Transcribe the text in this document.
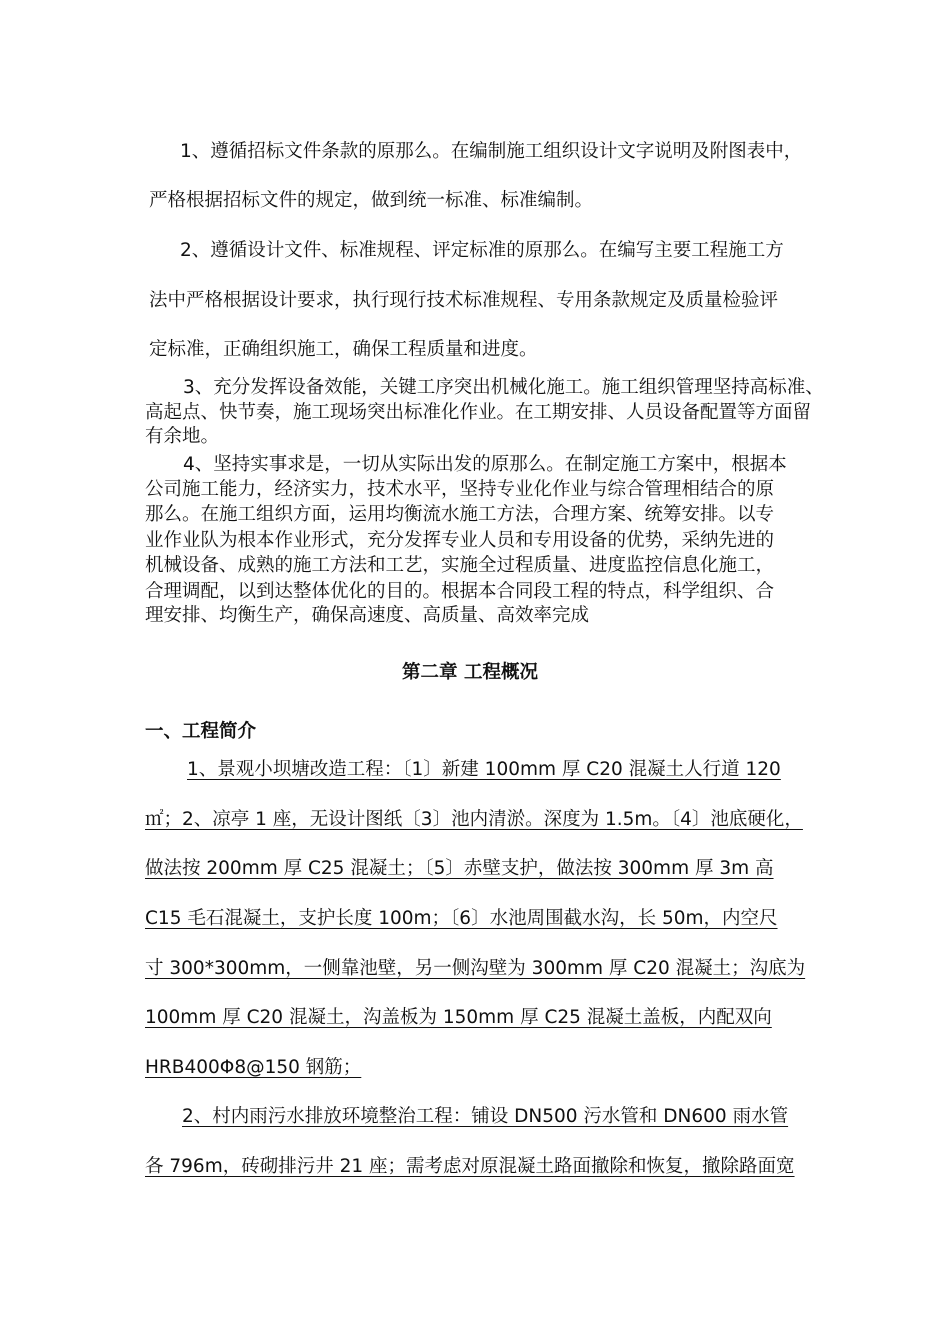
1、遵循招标文件条款的原那么。在编制施工组织设计文字说明及附图表中，

严格根据招标文件的规定，做到统一标准、标准编制。

2、遵循设计文件、标准规程、评定标准的原那么。在编写主要工程施工方

法中严格根据设计要求，执行现行技术标准规程、专用条款规定及质量检验评

定标准，正确组织施工，确保工程质量和进度。

3、充分发挥设备效能，关键工序突出机械化施工。施工组织管理坚持高标准、

高起点、快节奏，施工现场突出标准化作业。在工期安排、人员设备配置等方面留

有余地。

4、坚持实事求是，一切从实际出发的原那么。在制定施工方案中，根据本

公司施工能力，经济实力，技术水平，坚持专业化作业与综合管理相结合的原

那么。在施工组织方面，运用均衡流水施工方法，合理方案、统筹安排。以专

业作业队为根本作业形式，充分发挥专业人员和专用设备的优势，采纳先进的

机械设备、成熟的施工方法和工艺，实施全过程质量、进度监控信息化施工，

合理调配，以到达整体优化的目的。根据本合同段工程的特点，科学组织、合

理安排、均衡生产，确保高速度、高质量、高效率完成

第二章 工程概况
一、工程简介

1、景观小坝塘改造工程：〔1〕新建 100mm 厚 C20 混凝土人行道 120

㎡；2、凉亭 1 座，无设计图纸〔3〕池内清淤。深度为 1.5m。〔4〕池底硬化，

做法按 200mm 厚 C25 混凝土；〔5〕赤壁支护，做法按 300mm 厚 3m 高

C15 毛石混凝土，支护长度 100m；〔6〕水池周围截水沟，长 50m，内空尺

寸 300*300mm，一侧靠池壁，另一侧沟壁为 300mm 厚 C20 混凝土；沟底为

100mm 厚 C20 混凝土，沟盖板为 150mm 厚 C25 混凝土盖板，内配双向

HRB400Φ8@150 钢筋；

2、村内雨污水排放环境整治工程：铺设 DN500 污水管和 DN600 雨水管

各 796m，砖砌排污井 21 座；需考虑对原混凝土路面撤除和恢复，撤除路面宽
